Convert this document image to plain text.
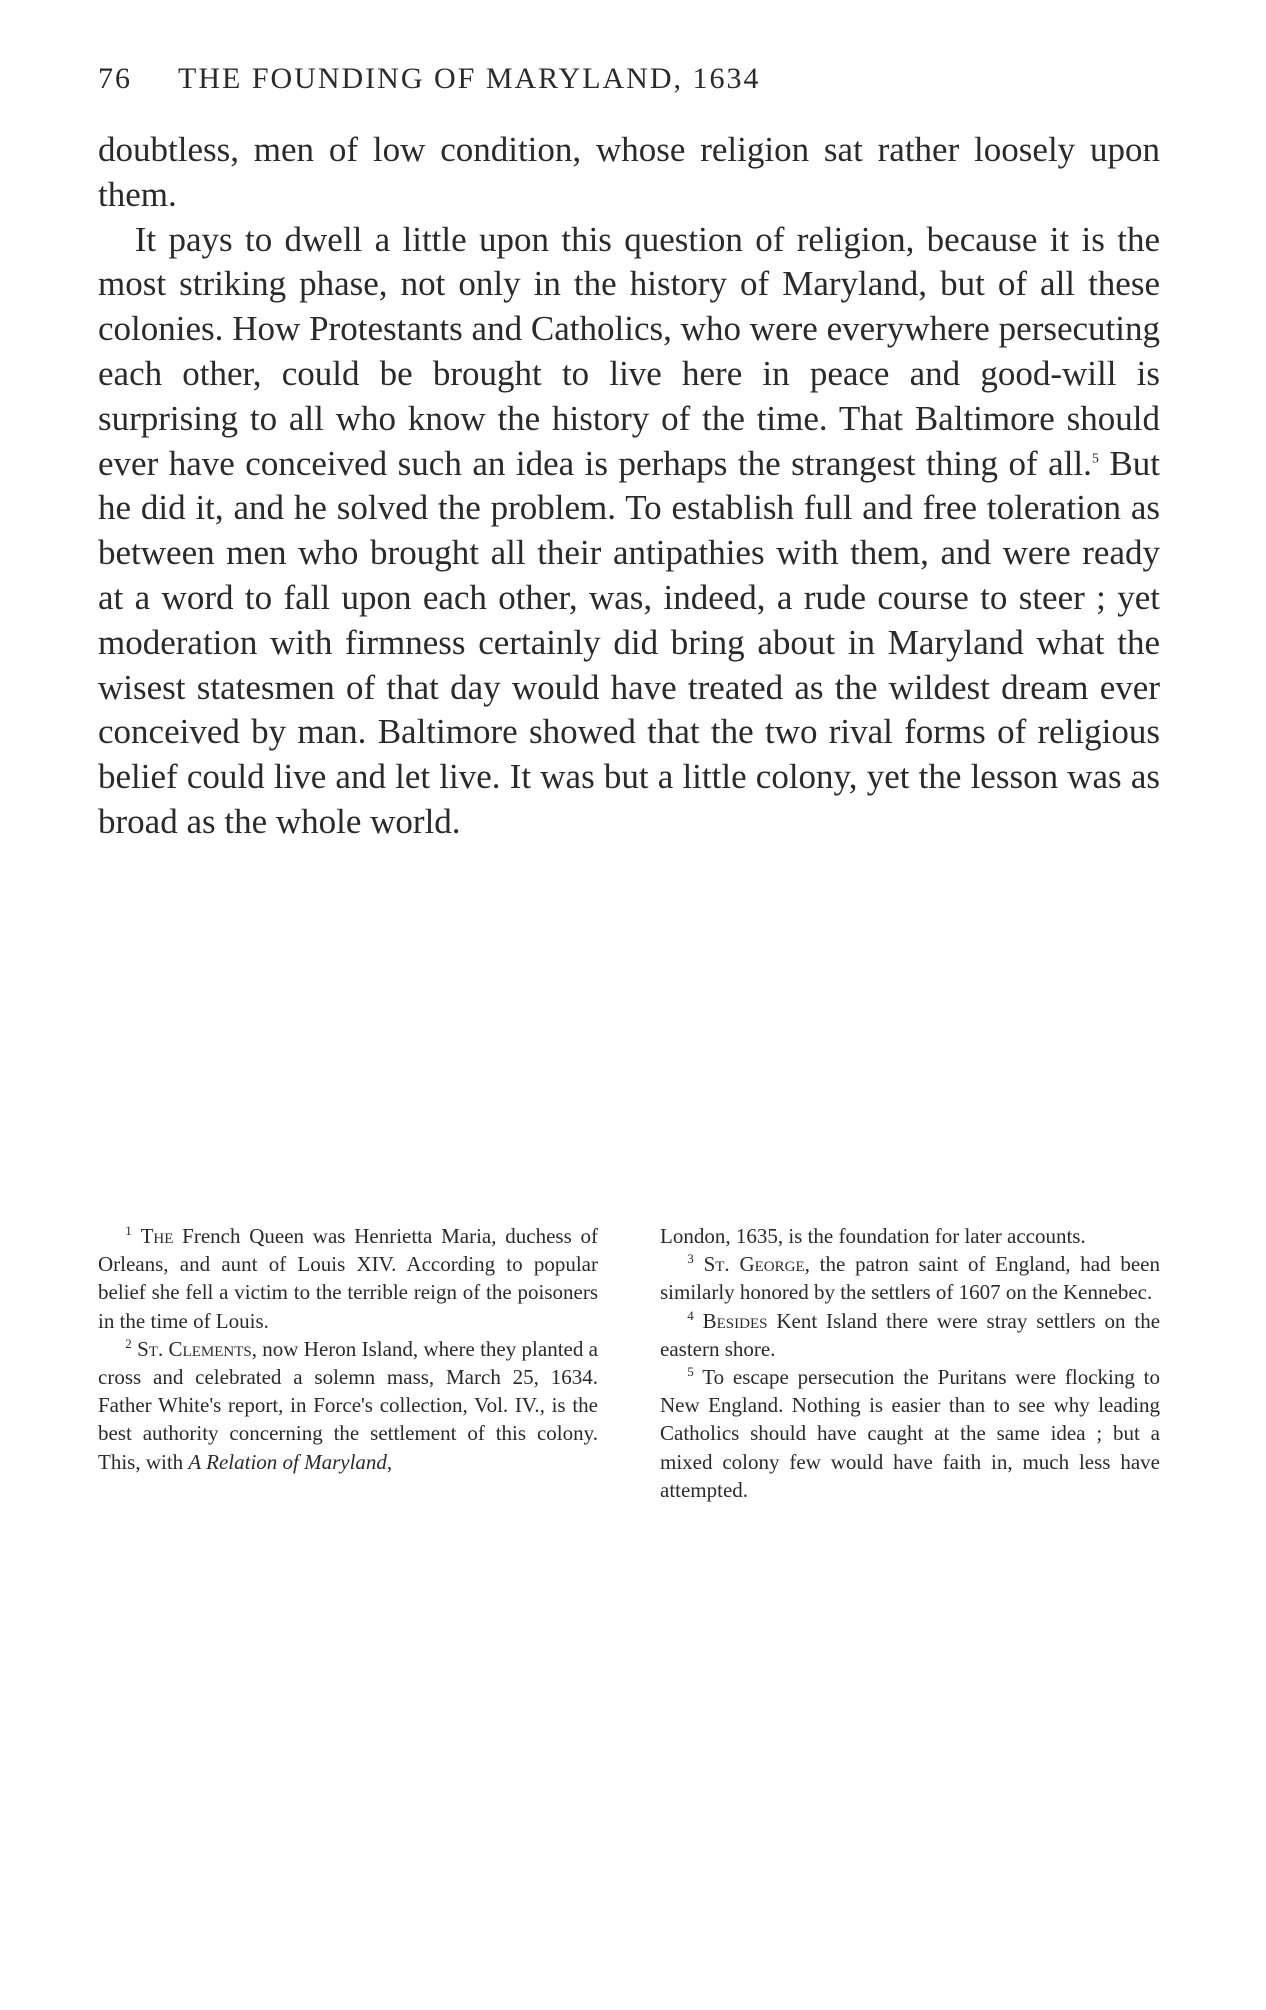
76	THE FOUNDING OF MARYLAND, 1634

doubtless, men of low condition, whose religion sat rather loosely upon them.

It pays to dwell a little upon this question of religion, because it is the most striking phase, not only in the history of Maryland, but of all these colonies. How Protestants and Catholics, who were everywhere persecuting each other, could be brought to live here in peace and good-will is surprising to all who know the history of the time. That Baltimore should ever have conceived such an idea is perhaps the strangest thing of all.$^5$ But he did it, and he solved the problem. To establish full and free toleration as between men who brought all their antipathies with them, and were ready at a word to fall upon each other, was, indeed, a rude course to steer ; yet moderation with firmness certainly did bring about in Maryland what the wisest statesmen of that day would have treated as the wildest dream ever conceived by man. Baltimore showed that the two rival forms of religious belief could live and let live. It was but a little colony, yet the lesson was as broad as the whole world.

$^1$ The French Queen was Henrietta Maria, duchess of Orleans, and aunt of Louis XIV. According to popular belief she fell a victim to the terrible reign of the poisoners in the time of Louis.

$^2$ St. Clements, now Heron Island, where they planted a cross and celebrated a solemn mass, March 25, 1634. Father White's report, in Force's collection, Vol. IV., is the best authority concerning the settlement of this colony. This, with A Relation of Maryland,

London, 1635, is the foundation for later accounts.

$^3$ St. George, the patron saint of England, had been similarly honored by the settlers of 1607 on the Kennebec.

$^4$ Besides Kent Island there were stray settlers on the eastern shore.

$^5$ To escape persecution the Puritans were flocking to New England. Nothing is easier than to see why leading Catholics should have caught at the same idea ; but a mixed colony few would have faith in, much less have attempted.
